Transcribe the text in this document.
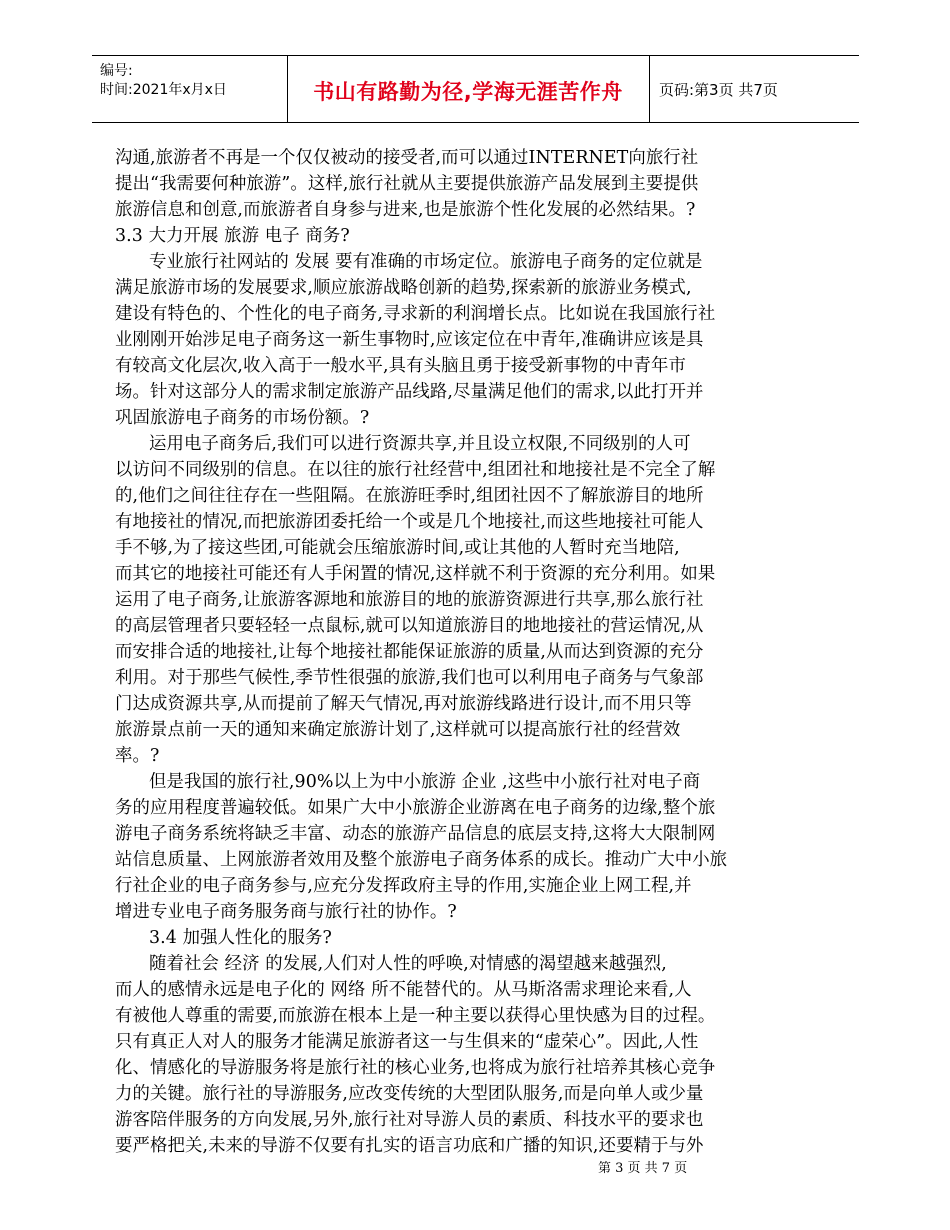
编号:
时间:2021年x月x日	书山有路勤为径,学海无涯苦作舟	页码:第3页 共7页

沟通,旅游者不再是一个仅仅被动的接受者,而可以通过INTERNET向旅行社

提出“我需要何种旅游”。这样,旅行社就从主要提供旅游产品发展到主要提供

旅游信息和创意,而旅游者自身参与进来,也是旅游个性化发展的必然结果。?

3.3 大力开展 旅游 电子 商务?

专业旅行社网站的 发展 要有准确的市场定位。旅游电子商务的定位就是

满足旅游市场的发展要求,顺应旅游战略创新的趋势,探索新的旅游业务模式,

建设有特色的、个性化的电子商务,寻求新的利润增长点。比如说在我国旅行社

业刚刚开始涉足电子商务这一新生事物时,应该定位在中青年,准确讲应该是具

有较高文化层次,收入高于一般水平,具有头脑且勇于接受新事物的中青年市

场。针对这部分人的需求制定旅游产品线路,尽量满足他们的需求,以此打开并

巩固旅游电子商务的市场份额。?

运用电子商务后,我们可以进行资源共享,并且设立权限,不同级别的人可

以访问不同级别的信息。在以往的旅行社经营中,组团社和地接社是不完全了解

的,他们之间往往存在一些阻隔。在旅游旺季时,组团社因不了解旅游目的地所

有地接社的情况,而把旅游团委托给一个或是几个地接社,而这些地接社可能人

手不够,为了接这些团,可能就会压缩旅游时间,或让其他的人暂时充当地陪,

而其它的地接社可能还有人手闲置的情况,这样就不利于资源的充分利用。如果

运用了电子商务,让旅游客源地和旅游目的地的旅游资源进行共享,那么旅行社

的高层管理者只要轻轻一点鼠标,就可以知道旅游目的地地接社的营运情况,从

而安排合适的地接社,让每个地接社都能保证旅游的质量,从而达到资源的充分

利用。对于那些气候性,季节性很强的旅游,我们也可以利用电子商务与气象部

门达成资源共享,从而提前了解天气情况,再对旅游线路进行设计,而不用只等

旅游景点前一天的通知来确定旅游计划了,这样就可以提高旅行社的经营效

率。?

但是我国的旅行社,90%以上为中小旅游 企业 ,这些中小旅行社对电子商

务的应用程度普遍较低。如果广大中小旅游企业游离在电子商务的边缘,整个旅

游电子商务系统将缺乏丰富、动态的旅游产品信息的底层支持,这将大大限制网

站信息质量、上网旅游者效用及整个旅游电子商务体系的成长。推动广大中小旅

行社企业的电子商务参与,应充分发挥政府主导的作用,实施企业上网工程,并

增进专业电子商务服务商与旅行社的协作。?

3.4 加强人性化的服务?

随着社会 经济 的发展,人们对人性的呼唤,对情感的渴望越来越强烈,

而人的感情永远是电子化的 网络 所不能替代的。从马斯洛需求理论来看,人

有被他人尊重的需要,而旅游在根本上是一种主要以获得心里快感为目的过程。

只有真正人对人的服务才能满足旅游者这一与生俱来的“虚荣心”。因此,人性

化、情感化的导游服务将是旅行社的核心业务,也将成为旅行社培养其核心竞争

力的关键。旅行社的导游服务,应改变传统的大型团队服务,而是向单人或少量

游客陪伴服务的方向发展,另外,旅行社对导游人员的素质、科技水平的要求也

要严格把关,未来的导游不仅要有扎实的语言功底和广播的知识,还要精于与外

第 3 页 共 7 页
